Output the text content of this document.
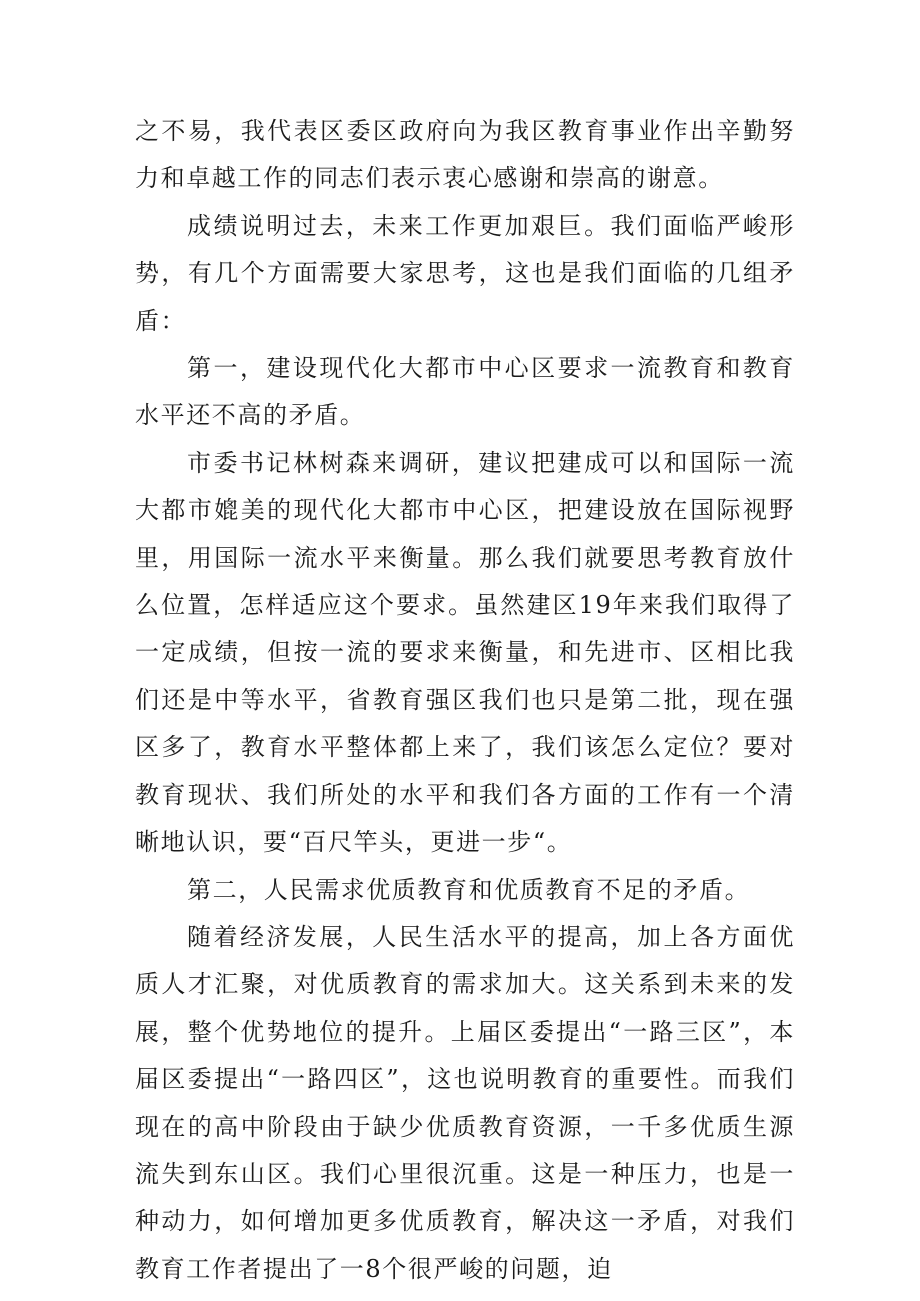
之不易，我代表区委区政府向为我区教育事业作出辛勤努力和卓越工作的同志们表示衷心感谢和崇高的谢意。

成绩说明过去，未来工作更加艰巨。我们面临严峻形势，有几个方面需要大家思考，这也是我们面临的几组矛盾：

第一，建设现代化大都市中心区要求一流教育和教育水平还不高的矛盾。

市委书记林树森来调研，建议把建成可以和国际一流大都市媲美的现代化大都市中心区，把建设放在国际视野里，用国际一流水平来衡量。那么我们就要思考教育放什么位置，怎样适应这个要求。虽然建区19年来我们取得了一定成绩，但按一流的要求来衡量，和先进市、区相比我们还是中等水平，省教育强区我们也只是第二批，现在强区多了，教育水平整体都上来了，我们该怎么定位？要对教育现状、我们所处的水平和我们各方面的工作有一个清晰地认识，要“百尺竿头，更进一步“。

第二，人民需求优质教育和优质教育不足的矛盾。

随着经济发展，人民生活水平的提高，加上各方面优质人才汇聚，对优质教育的需求加大。这关系到未来的发展，整个优势地位的提升。上届区委提出“一路三区”，本届区委提出“一路四区”，这也说明教育的重要性。而我们现在的高中阶段由于缺少优质教育资源，一千多优质生源流失到东山区。我们心里很沉重。这是一种压力，也是一种动力，如何增加更多优质教育，解决这一矛盾，对我们教育工作者提出了一8个很严峻的问题，迫
